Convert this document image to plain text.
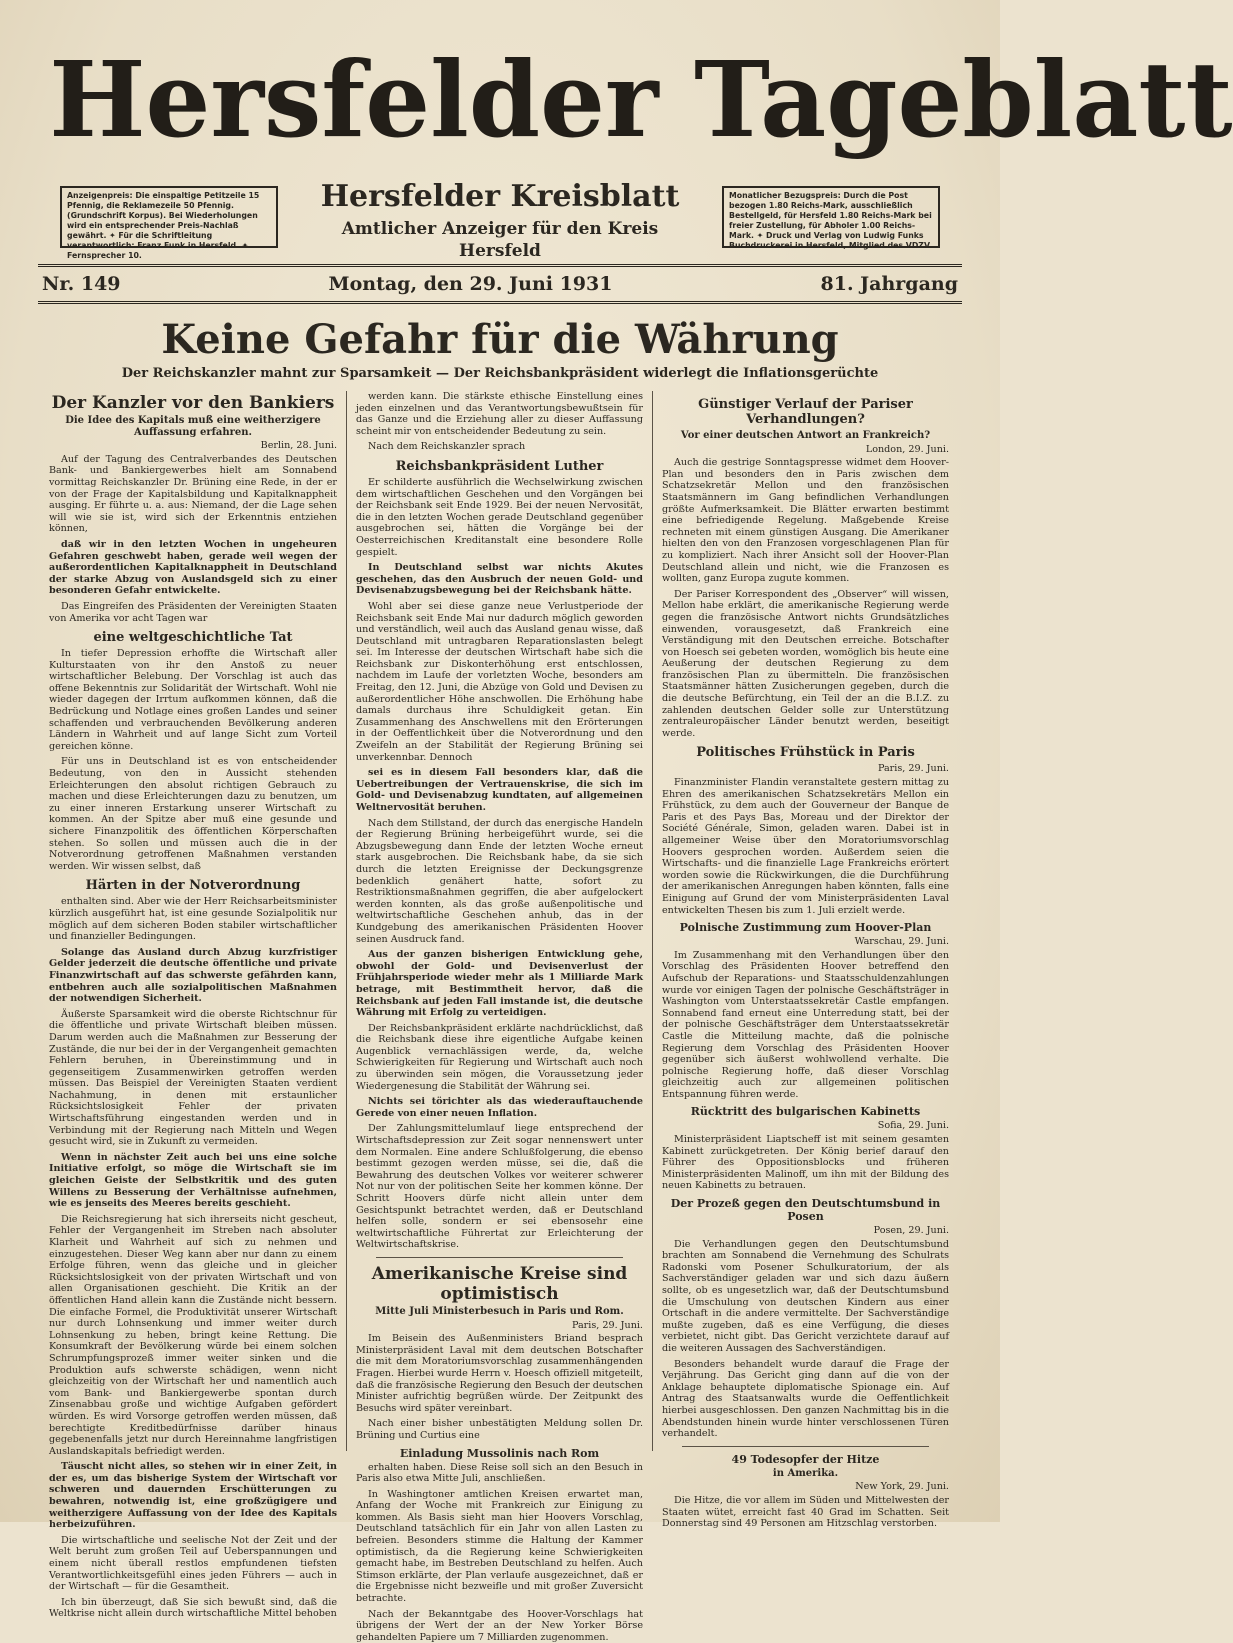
Hersfelder Tageblatt
Anzeigenpreis: Die einspaltige Petitzeile 15 Pfennig, die Reklamezeile 50 Pfennig. (Grundschrift Korpus). Bei Wiederholungen wird ein entsprechender Preis-Nachlaß gewährt. ✦ Für die Schriftleitung verantwortlich: Franz Funk in Hersfeld. ✦ Fernsprecher 10.
Hersfelder Kreisblatt
Amtlicher Anzeiger für den Kreis Hersfeld
Monatlicher Bezugspreis: Durch die Post bezogen 1.80 Reichs-Mark, ausschließlich Bestellgeld, für Hersfeld 1.80 Reichs-Mark bei freier Zustellung, für Abholer 1.00 Reichs-Mark. ✦ Druck und Verlag von Ludwig Funks Buchdruckerei in Hersfeld, Mitglied des VDZV.
Nr. 149	Montag, den 29. Juni 1931	81. Jahrgang
Keine Gefahr für die Währung
Der Reichskanzler mahnt zur Sparsamkeit — Der Reichsbankpräsident widerlegt die Inflationsgerüchte
Der Kanzler vor den Bankiers

Die Idee des Kapitals muß eine weitherzigere Auffassung erfahren.

Berlin, 28. Juni.

Auf der Tagung des Centralverbandes des Deutschen Bank- und Bankiergewerbes hielt am Sonnabend vormittag Reichskanzler Dr. Brüning eine Rede, in der er von der Frage der Kapitalsbildung und Kapitalknappheit ausging. Er führte u. a. aus: Niemand, der die Lage sehen will wie sie ist, wird sich der Erkenntnis entziehen können,

daß wir in den letzten Wochen in ungeheuren Gefahren geschwebt haben, gerade weil wegen der außerordentlichen Kapitalknappheit in Deutschland der starke Abzug von Auslandsgeld sich zu einer besonderen Gefahr entwickelte.

Das Eingreifen des Präsidenten der Vereinigten Staaten von Amerika vor acht Tagen war

eine weltgeschichtliche Tat

In tiefer Depression erhoffte die Wirtschaft aller Kulturstaaten von ihr den Anstoß zu neuer wirtschaftlicher Belebung. Der Vorschlag ist auch das offene Bekenntnis zur Solidarität der Wirtschaft. Wohl nie wieder dagegen der Irrtum aufkommen können, daß die Bedrückung und Notlage eines großen Landes und seiner schaffenden und verbrauchenden Bevölkerung anderen Ländern in Wahrheit und auf lange Sicht zum Vorteil gereichen könne.

Für uns in Deutschland ist es von entscheidender Bedeutung, von den in Aussicht stehenden Erleichterungen den absolut richtigen Gebrauch zu machen und diese Erleichterungen dazu zu benutzen, um zu einer inneren Erstarkung unserer Wirtschaft zu kommen. An der Spitze aber muß eine gesunde und sichere Finanzpolitik des öffentlichen Körperschaften stehen. So sollen und müssen auch die in der Notverordnung getroffenen Maßnahmen verstanden werden. Wir wissen selbst, daß

Härten in der Notverordnung

enthalten sind. Aber wie der Herr Reichsarbeitsminister kürzlich ausgeführt hat, ist eine gesunde Sozialpolitik nur möglich auf dem sicheren Boden stabiler wirtschaftlicher und finanzieller Bedingungen.

Solange das Ausland durch Abzug kurzfristiger Gelder jederzeit die deutsche öffentliche und private Finanzwirtschaft auf das schwerste gefährden kann, entbehren auch alle sozialpolitischen Maßnahmen der notwendigen Sicherheit.

Äußerste Sparsamkeit wird die oberste Richtschnur für die öffentliche und private Wirtschaft bleiben müssen. Darum werden auch die Maßnahmen zur Besserung der Zustände, die nur bei der in der Vergangenheit gemachten Fehlern beruhen, in Übereinstimmung und in gegenseitigem Zusammenwirken getroffen werden müssen. Das Beispiel der Vereinigten Staaten verdient Nachahmung, in denen mit erstaunlicher Rücksichtslosigkeit Fehler der privaten Wirtschaftsführung eingestanden werden und in Verbindung mit der Regierung nach Mitteln und Wegen gesucht wird, sie in Zukunft zu vermeiden.

Wenn in nächster Zeit auch bei uns eine solche Initiative erfolgt, so möge die Wirtschaft sie im gleichen Geiste der Selbstkritik und des guten Willens zu Besserung der Verhältnisse aufnehmen, wie es jenseits des Meeres bereits geschieht.

Die Reichsregierung hat sich ihrerseits nicht gescheut, Fehler der Vergangenheit im Streben nach absoluter Klarheit und Wahrheit auf sich zu nehmen und einzugestehen. Dieser Weg kann aber nur dann zu einem Erfolge führen, wenn das gleiche und in gleicher Rücksichtslosigkeit von der privaten Wirtschaft und von allen Organisationen geschieht. Die Kritik an der öffentlichen Hand allein kann die Zustände nicht bessern. Die einfache Formel, die Produktivität unserer Wirtschaft nur durch Lohnsenkung und immer weiter durch Lohnsenkung zu heben, bringt keine Rettung. Die Konsumkraft der Bevölkerung würde bei einem solchen Schrumpfungsprozeß immer weiter sinken und die Produktion aufs schwerste schädigen, wenn nicht gleichzeitig von der Wirtschaft her und namentlich auch vom Bank- und Bankiergewerbe spontan durch Zinsenabbau große und wichtige Aufgaben gefördert würden. Es wird Vorsorge getroffen werden müssen, daß berechtigte Kreditbedürfnisse darüber hinaus gegebenenfalls jetzt nur durch Hereinnahme langfristigen Auslandskapitals befriedigt werden.

Täuscht nicht alles, so stehen wir in einer Zeit, in der es, um das bisherige System der Wirtschaft vor schweren und dauernden Erschütterungen zu bewahren, notwendig ist, eine großzügigere und weitherzigere Auffassung von der Idee des Kapitals herbeizuführen.

Die wirtschaftliche und seelische Not der Zeit und der Welt beruht zum großen Teil auf Ueberspannungen und einem nicht überall restlos empfundenen tiefsten Verantwortlichkeitsgefühl eines jeden Führers — auch in der Wirtschaft — für die Gesamtheit.

Ich bin überzeugt, daß Sie sich bewußt sind, daß die Weltkrise nicht allein durch wirtschaftliche Mittel behoben

werden kann. Die stärkste ethische Einstellung eines jeden einzelnen und das Verantwortungsbewußtsein für das Ganze und die Erziehung aller zu dieser Auffassung scheint mir von entscheidender Bedeutung zu sein.

Nach dem Reichskanzler sprach

Reichsbankpräsident Luther

Er schilderte ausführlich die Wechselwirkung zwischen dem wirtschaftlichen Geschehen und den Vorgängen bei der Reichsbank seit Ende 1929. Bei der neuen Nervosität, die in den letzten Wochen gerade Deutschland gegenüber ausgebrochen sei, hätten die Vorgänge bei der Oesterreichischen Kreditanstalt eine besondere Rolle gespielt.

In Deutschland selbst war nichts Akutes geschehen, das den Ausbruch der neuen Gold- und Devisenabzugsbewegung bei der Reichsbank hätte.

Wohl aber sei diese ganze neue Verlustperiode der Reichsbank seit Ende Mai nur dadurch möglich geworden und verständlich, weil auch das Ausland genau wisse, daß Deutschland mit untragbaren Reparationslasten belegt sei. Im Interesse der deutschen Wirtschaft habe sich die Reichsbank zur Diskonterhöhung erst entschlossen, nachdem im Laufe der vorletzten Woche, besonders am Freitag, den 12. Juni, die Abzüge von Gold und Devisen zu außerordentlicher Höhe anschwollen. Die Erhöhung habe damals durchaus ihre Schuldigkeit getan. Ein Zusammenhang des Anschwellens mit den Erörterungen in der Oeffentlichkeit über die Notverordnung und den Zweifeln an der Stabilität der Regierung Brüning sei unverkennbar. Dennoch

sei es in diesem Fall besonders klar, daß die Uebertreibungen der Vertrauenskrise, die sich im Gold- und Devisenabzug kundtaten, auf allgemeinen Weltnervosität beruhen.

Nach dem Stillstand, der durch das energische Handeln der Regierung Brüning herbeigeführt wurde, sei die Abzugsbewegung dann Ende der letzten Woche erneut stark ausgebrochen. Die Reichsbank habe, da sie sich durch die letzten Ereignisse der Deckungsgrenze bedenklich genähert hatte, sofort zu Restriktionsmaßnahmen gegriffen, die aber aufgelockert werden konnten, als das große außenpolitische und weltwirtschaftliche Geschehen anhub, das in der Kundgebung des amerikanischen Präsidenten Hoover seinen Ausdruck fand.

Aus der ganzen bisherigen Entwicklung gehe, obwohl der Gold- und Devisenverlust der Frühjahrsperiode wieder mehr als 1 Milliarde Mark betrage, mit Bestimmtheit hervor, daß die Reichsbank auf jeden Fall imstande ist, die deutsche Währung mit Erfolg zu verteidigen.

Der Reichsbankpräsident erklärte nachdrücklichst, daß die Reichsbank diese ihre eigentliche Aufgabe keinen Augenblick vernachlässigen werde, da, welche Schwierigkeiten für Regierung und Wirtschaft auch noch zu überwinden sein mögen, die Voraussetzung jeder Wiedergenesung die Stabilität der Währung sei.

Nichts sei törichter als das wiederauftauchende Gerede von einer neuen Inflation.

Der Zahlungsmittelumlauf liege entsprechend der Wirtschaftsdepression zur Zeit sogar nennenswert unter dem Normalen. Eine andere Schlußfolgerung, die ebenso bestimmt gezogen werden müsse, sei die, daß die Bewahrung des deutschen Volkes vor weiterer schwerer Not nur von der politischen Seite her kommen könne. Der Schritt Hoovers dürfe nicht allein unter dem Gesichtspunkt betrachtet werden, daß er Deutschland helfen solle, sondern er sei ebensosehr eine weltwirtschaftliche Führertat zur Erleichterung der Weltwirtschaftskrise.

Amerikanische Kreise sind optimistisch

Mitte Juli Ministerbesuch in Paris und Rom.

Paris, 29. Juni.

Im Beisein des Außenministers Briand besprach Ministerpräsident Laval mit dem deutschen Botschafter die mit dem Moratoriumsvorschlag zusammenhängenden Fragen. Hierbei wurde Herrn v. Hoesch offiziell mitgeteilt, daß die französische Regierung den Besuch der deutschen Minister aufrichtig begrüßen würde. Der Zeitpunkt des Besuchs wird später vereinbart.

Nach einer bisher unbestätigten Meldung sollen Dr. Brüning und Curtius eine

Einladung Mussolinis nach Rom

erhalten haben. Diese Reise soll sich an den Besuch in Paris also etwa Mitte Juli, anschließen.

In Washingtoner amtlichen Kreisen erwartet man, Anfang der Woche mit Frankreich zur Einigung zu kommen. Als Basis sieht man hier Hoovers Vorschlag, Deutschland tatsächlich für ein Jahr von allen Lasten zu befreien. Besonders stimme die Haltung der Kammer optimistisch, da die Regierung keine Schwierigkeiten gemacht habe, im Bestreben Deutschland zu helfen. Auch Stimson erklärte, der Plan verlaufe ausgezeichnet, daß er die Ergebnisse nicht bezweifle und mit großer Zuversicht betrachte.

Nach der Bekanntgabe des Hoover-Vorschlags hat übrigens der Wert der an der New Yorker Börse gehandelten Papiere um 7 Milliarden zugenommen.

Günstiger Verlauf der Pariser Verhandlungen?

Vor einer deutschen Antwort an Frankreich?

London, 29. Juni.

Auch die gestrige Sonntagspresse widmet dem Hoover-Plan und besonders den in Paris zwischen dem Schatzsekretär Mellon und den französischen Staatsmännern im Gang befindlichen Verhandlungen größte Aufmerksamkeit. Die Blätter erwarten bestimmt eine befriedigende Regelung. Maßgebende Kreise rechneten mit einem günstigen Ausgang. Die Amerikaner hielten den von den Franzosen vorgeschlagenen Plan für zu kompliziert. Nach ihrer Ansicht soll der Hoover-Plan Deutschland allein und nicht, wie die Franzosen es wollten, ganz Europa zugute kommen.

Der Pariser Korrespondent des „Observer“ will wissen, Mellon habe erklärt, die amerikanische Regierung werde gegen die französische Antwort nichts Grundsätzliches einwenden, vorausgesetzt, daß Frankreich eine Verständigung mit den Deutschen erreiche. Botschafter von Hoesch sei gebeten worden, womöglich bis heute eine Aeußerung der deutschen Regierung zu dem französischen Plan zu übermitteln. Die französischen Staatsmänner hätten Zusicherungen gegeben, durch die die deutsche Befürchtung, ein Teil der an die B.I.Z. zu zahlenden deutschen Gelder solle zur Unterstützung zentraleuropäischer Länder benutzt werden, beseitigt werde.

Politisches Frühstück in Paris

Paris, 29. Juni.

Finanzminister Flandin veranstaltete gestern mittag zu Ehren des amerikanischen Schatzsekretärs Mellon ein Frühstück, zu dem auch der Gouverneur der Banque de Paris et des Pays Bas, Moreau und der Direktor der Société Générale, Simon, geladen waren. Dabei ist in allgemeiner Weise über den Moratoriumsvorschlag Hoovers gesprochen worden. Außerdem seien die Wirtschafts- und die finanzielle Lage Frankreichs erörtert worden sowie die Rückwirkungen, die die Durchführung der amerikanischen Anregungen haben könnten, falls eine Einigung auf Grund der vom Ministerpräsidenten Laval entwickelten Thesen bis zum 1. Juli erzielt werde.

Polnische Zustimmung zum Hoover-Plan

Warschau, 29. Juni.

Im Zusammenhang mit den Verhandlungen über den Vorschlag des Präsidenten Hoover betreffend den Aufschub der Reparations- und Staatsschuldenzahlungen wurde vor einigen Tagen der polnische Geschäftsträger in Washington vom Unterstaatssekretär Castle empfangen. Sonnabend fand erneut eine Unterredung statt, bei der der polnische Geschäftsträger dem Unterstaatssekretär Castle die Mitteilung machte, daß die polnische Regierung dem Vorschlag des Präsidenten Hoover gegenüber sich äußerst wohlwollend verhalte. Die polnische Regierung hoffe, daß dieser Vorschlag gleichzeitig auch zur allgemeinen politischen Entspannung führen werde.

Rücktritt des bulgarischen Kabinetts

Sofia, 29. Juni.

Ministerpräsident Liaptscheff ist mit seinem gesamten Kabinett zurückgetreten. Der König berief darauf den Führer des Oppositionsblocks und früheren Ministerpräsidenten Malinoff, um ihn mit der Bildung des neuen Kabinetts zu betrauen.

Der Prozeß gegen den Deutschtumsbund in Posen

Posen, 29. Juni.

Die Verhandlungen gegen den Deutschtumsbund brachten am Sonnabend die Vernehmung des Schulrats Radonski vom Posener Schulkuratorium, der als Sachverständiger geladen war und sich dazu äußern sollte, ob es ungesetzlich war, daß der Deutschtumsbund die Umschulung von deutschen Kindern aus einer Ortschaft in die andere vermittelte. Der Sachverständige mußte zugeben, daß es eine Verfügung, die dieses verbietet, nicht gibt. Das Gericht verzichtete darauf auf die weiteren Aussagen des Sachverständigen.

Besonders behandelt wurde darauf die Frage der Verjährung. Das Gericht ging dann auf die von der Anklage behauptete diplomatische Spionage ein. Auf Antrag des Staatsanwalts wurde die Oeffentlichkeit hierbei ausgeschlossen. Den ganzen Nachmittag bis in die Abendstunden hinein wurde hinter verschlossenen Türen verhandelt.

49 Todesopfer der Hitze

in Amerika.

New York, 29. Juni.

Die Hitze, die vor allem im Süden und Mittelwesten der Staaten wütet, erreicht fast 40 Grad im Schatten. Seit Donnerstag sind 49 Personen am Hitzschlag verstorben.
